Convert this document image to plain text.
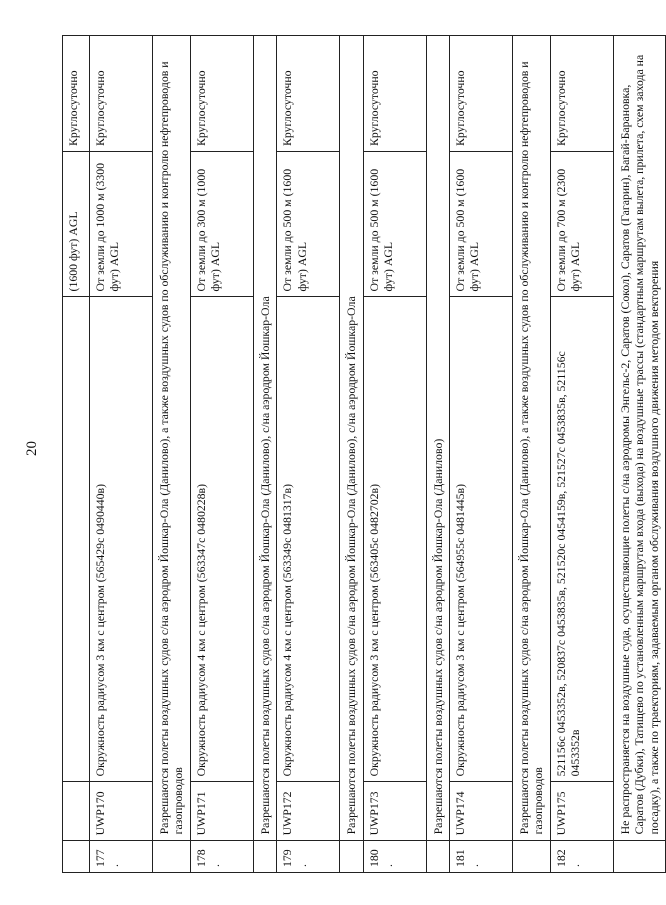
20
			(1600 фут) AGL	Круглосуточно
177.	UWP170	Окружность радиусом 3 км с центром (565429с 0490440в)	От земли до 1000 м (3300 фут) AGL	Круглосуточно
	Разрешаются полеты воздушных судов с/на аэродром Йошкар-Ола (Данилово), а также воздушных судов по обслуживанию и контролю нефтепроводов и газопроводов			
178.	UWP171	Окружность радиусом 4 км с центром (563347с 0480228в)	От земли до 300 м (1000 фут) AGL	Круглосуточно
	Разрешаются полеты воздушных судов с/на аэродром Йошкар-Ола (Данилово), с/на аэродром Йошкар-Ола			
179.	UWP172	Окружность радиусом 4 км с центром (563349с 0481317в)	От земли до 500 м (1600 фут) AGL	Круглосуточно
	Разрешаются полеты воздушных судов с/на аэродром Йошкар-Ола (Данилово), с/на аэродром Йошкар-Ола			
180.	UWP173	Окружность радиусом 3 км с центром (563405с 0482702в)	От земли до 500 м (1600 фут) AGL	Круглосуточно
	Разрешаются полеты воздушных судов с/на аэродром Йошкар-Ола (Данилово)			
181.	UWP174	Окружность радиусом 3 км с центром (564955с 0481445в)	От земли до 500 м (1600 фут) AGL	Круглосуточно
	Разрешаются полеты воздушных судов с/на аэродром Йошкар-Ола (Данилово), а также воздушных судов по обслуживанию и контролю нефтепроводов и газопроводов			
182.	UWP175	521156с 0453352в, 520837с 0453835в, 521520с 0454159в, 521527с 0453835в, 521156с 0453352в	От земли до 700 м (2300 фут) AGL	Круглосуточно
	Не распространяется на воздушные суда, осуществляющие полеты с/на аэродромы Энгельс-2, Саратов (Сокол), Саратов (Гагарин), Багай-Барановка, Саратов (Дубки), Татищево по установленным маршрутам входа (выхода) на воздушные трассы (стандартным маршрутам вылета, прилета, схем захода на посадку), а также по траекториям, задаваемым органом обслуживания воздушного движения методом векторения			
